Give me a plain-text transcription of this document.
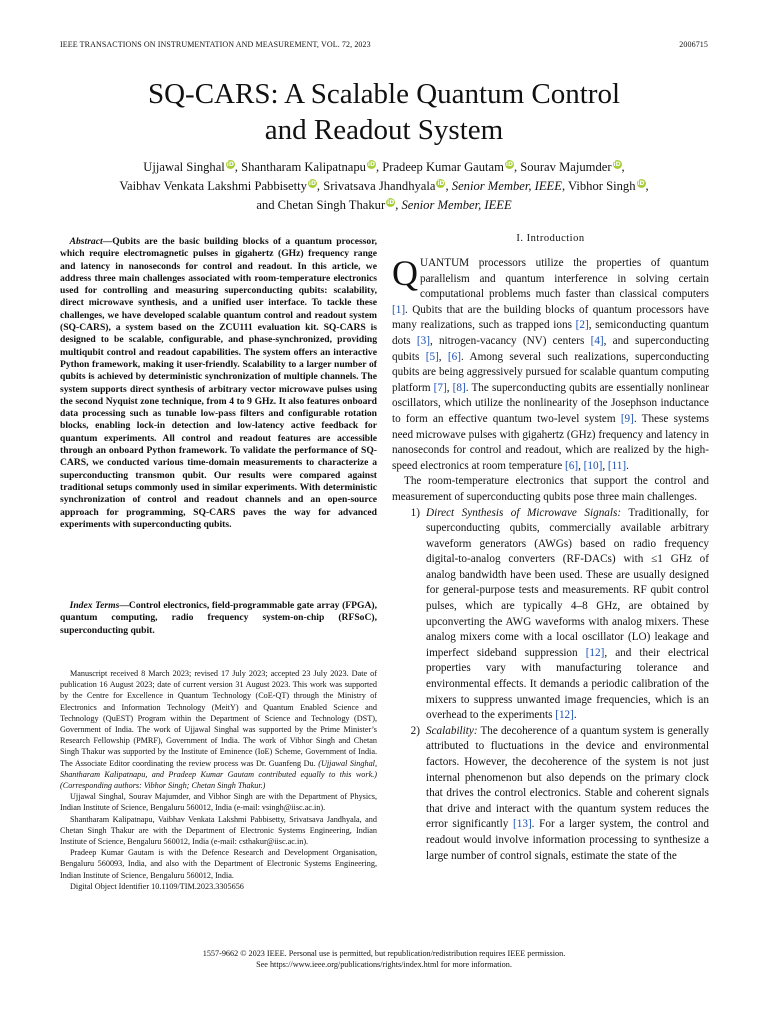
IEEE TRANSACTIONS ON INSTRUMENTATION AND MEASUREMENT, VOL. 72, 2023	2006715
SQ-CARS: A Scalable Quantum Control
and Readout System
Ujjawal Singhal iD, Shantharam Kalipatnapu iD, Pradeep Kumar Gautam iD, Sourav Majumder iD,
Vaibhav Venkata Lakshmi Pabbisetty iD, Srivatsava Jhandhyala iD, Senior Member, IEEE, Vibhor Singh iD,
and Chetan Singh Thakur iD, Senior Member, IEEE

 Abstract—Qubits are the basic building blocks of a quantum processor, which require electromagnetic pulses in gigahertz (GHz) frequency range and latency in nanoseconds for control and readout. In this article, we address three main challenges associated with room-temperature electronics used for controlling and measuring superconducting qubits: scalability, direct microwave synthesis, and a unified user interface. To tackle these challenges, we have developed scalable quantum control and readout system (SQ-CARS), a system based on the ZCU111 evaluation kit. SQ-CARS is designed to be scalable, configurable, and phase-synchronized, providing multiqubit control and readout capabilities. The system offers an interactive Python framework, making it user-friendly. Scalability to a larger number of qubits is achieved by deterministic synchronization of multiple channels. The system supports direct synthesis of arbitrary vector microwave pulses using the second Nyquist zone technique, from 4 to 9 GHz. It also features onboard data processing such as tunable low-pass filters and configurable rotation blocks, enabling lock-in detection and low-latency active feedback for quantum experiments. All control and readout features are accessible through an onboard Python framework. To validate the performance of SQ-CARS, we conducted various time-domain measurements to characterize a superconducting transmon qubit. Our results were compared against traditional setups commonly used in similar experiments. With deterministic synchronization of control and readout channels and an open-source approach for programming, SQ-CARS paves the way for advanced experiments with superconducting qubits.

 Index Terms—Control electronics, field-programmable gate array (FPGA), quantum computing, radio frequency system-on-chip (RFSoC), superconducting qubit.

Manuscript received 8 March 2023; revised 17 July 2023; accepted 23 July 2023. Date of publication 16 August 2023; date of current version 31 August 2023. This work was supported by the Centre for Excellence in Quantum Technology (CoE-QT) through the Ministry of Electronics and Information Technology (MeitY) and Quantum Enabled Science and Technology (QuEST) Program within the Department of Science and Technology (DST), Government of India. The work of Ujjawal Singhal was supported by the Prime Minister’s Research Fellowship (PMRF), Government of India. The work of Vibhor Singh and Chetan Singh Thakur was supported by the Institute of Eminence (IoE) Scheme, Government of India. The Associate Editor coordinating the review process was Dr. Guanfeng Du. (Ujjawal Singhal, Shantharam Kalipatnapu, and Pradeep Kumar Gautam contributed equally to this work.) (Corresponding authors: Vibhor Singh; Chetan Singh Thakur.)

Ujjawal Singhal, Sourav Majumder, and Vibhor Singh are with the Department of Physics, Indian Institute of Science, Bengaluru 560012, India (e-mail: vsingh@iisc.ac.in).

Shantharam Kalipatnapu, Vaibhav Venkata Lakshmi Pabbisetty, Srivatsava Jandhyala, and Chetan Singh Thakur are with the Department of Electronic Systems Engineering, Indian Institute of Science, Bengaluru 560012, India (e-mail: csthakur@iisc.ac.in).

Pradeep Kumar Gautam is with the Defence Research and Development Organisation, Bengaluru 560093, India, and also with the Department of Electronic Systems Engineering, Indian Institute of Science, Bengaluru 560012, India.

Digital Object Identifier 10.1109/TIM.2023.3305656

I. Introduction

QUANTUM processors utilize the properties of quantum parallelism and quantum interference in solving certain computational problems much faster than classical computers [1]. Qubits that are the building blocks of quantum processors have many realizations, such as trapped ions [2], semiconducting quantum dots [3], nitrogen-vacancy (NV) centers [4], and superconducting qubits [5], [6]. Among several such realizations, superconducting qubits are being aggressively pursued for scalable quantum computing platform [7], [8]. The superconducting qubits are essentially nonlinear oscillators, which utilize the nonlinearity of the Josephson inductance to form an effective quantum two-level system [9]. These systems need microwave pulses with gigahertz (GHz) frequency and latency in nanoseconds for control and readout, which are realized by the high-speed electronics at room temperature [6], [10], [11].

The room-temperature electronics that support the control and measurement of superconducting qubits pose three main challenges.

1) Direct Synthesis of Microwave Signals: Traditionally, for superconducting qubits, commercially available arbitrary waveform generators (AWGs) based on radio frequency digital-to-analog converters (RF-DACs) with ≤1 GHz of analog bandwidth have been used. These are usually designed for general-purpose tests and measurements. RF qubit control pulses, which are typically 4–8 GHz, are obtained by upconverting the AWG waveforms with analog mixers. These analog mixers come with a local oscillator (LO) leakage and imperfect sideband suppression [12], and their electrical properties vary with manufacturing tolerance and environmental effects. It demands a periodic calibration of the mixers to suppress unwanted image frequencies, which is an overhead to the experiments [12].
2) Scalability: The decoherence of a quantum system is generally attributed to fluctuations in the device and environmental factors. However, the decoherence of the system is not just internal phenomenon but also depends on the primary clock that drives the control electronics. Stable and coherent signals that drive and interact with the quantum system reduces the error significantly [13]. For a larger system, the control and readout would involve information processing to synthesize a large number of control signals, estimate the state of the
1557-9662 © 2023 IEEE. Personal use is permitted, but republication/redistribution requires IEEE permission.
See https://www.ieee.org/publications/rights/index.html for more information.
